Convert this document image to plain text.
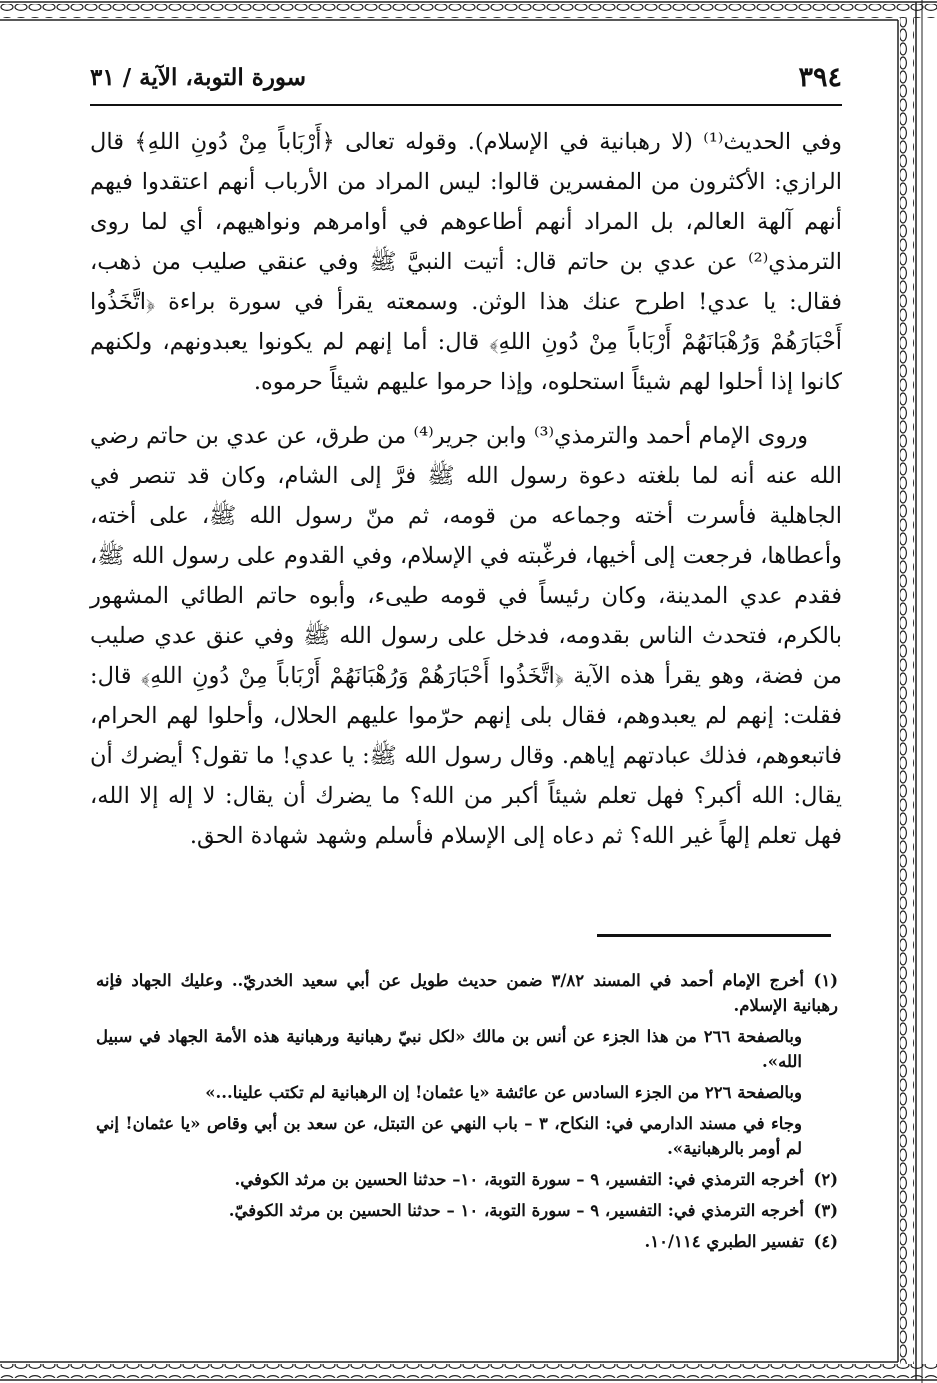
٣٩٤
سورة التوبة، الآية / ٣١

وفي الحديث⁽¹⁾ (لا رهبانية في الإسلام). وقوله تعالى ﴿أَرْبَاباً مِنْ دُونِ اللهِ﴾ قال الرازي: الأكثرون من المفسرين قالوا: ليس المراد من الأرباب أنهم اعتقدوا فيهم أنهم آلهة العالم، بل المراد أنهم أطاعوهم في أوامرهم ونواهيهم، أي لما روى الترمذي⁽²⁾ عن عدي بن حاتم قال: أتيت النبيَّ ﷺ وفي عنقي صليب من ذهب، فقال: يا عدي! اطرح عنك هذا الوثن. وسمعته يقرأ في سورة براءة ﴿اتَّخَذُوا أَحْبَارَهُمْ وَرُهْبَانَهُمْ أَرْبَاباً مِنْ دُونِ اللهِ﴾ قال: أما إنهم لم يكونوا يعبدونهم، ولكنهم كانوا إذا أحلوا لهم شيئاً استحلوه، وإذا حرموا عليهم شيئاً حرموه.

وروى الإمام أحمد والترمذي⁽³⁾ وابن جرير⁽⁴⁾ من طرق، عن عدي بن حاتم رضي الله عنه أنه لما بلغته دعوة رسول الله ﷺ فرَّ إلى الشام، وكان قد تنصر في الجاهلية فأسرت أخته وجماعه من قومه، ثم منّ رسول الله ﷺ، على أخته، وأعطاها، فرجعت إلى أخيها، فرغّبته في الإسلام، وفي القدوم على رسول الله ﷺ، فقدم عدي المدينة، وكان رئيساً في قومه طيىء، وأبوه حاتم الطائي المشهور بالكرم، فتحدث الناس بقدومه، فدخل على رسول الله ﷺ وفي عنق عدي صليب من فضة، وهو يقرأ هذه الآية ﴿اتَّخَذُوا أَحْبَارَهُمْ وَرُهْبَانَهُمْ أَرْبَاباً مِنْ دُونِ اللهِ﴾ قال: فقلت: إنهم لم يعبدوهم، فقال بلى إنهم حرّموا عليهم الحلال، وأحلوا لهم الحرام، فاتبعوهم، فذلك عبادتهم إياهم. وقال رسول الله ﷺ: يا عدي! ما تقول؟ أيضرك أن يقال: الله أكبر؟ فهل تعلم شيئاً أكبر من الله؟ ما يضرك أن يقال: لا إله إلا الله، فهل تعلم إلهاً غير الله؟ ثم دعاه إلى الإسلام فأسلم وشهد شهادة الحق.

(١)أخرج الإمام أحمد في المسند ٣/٨٢ ضمن حديث طويل عن أبي سعيد الخدريّ.. وعليك الجهاد فإنه رهبانية الإسلام.
وبالصفحة ٢٦٦ من هذا الجزء عن أنس بن مالك «لكل نبيّ رهبانية ورهبانية هذه الأمة الجهاد في سبيل الله».
وبالصفحة ٢٢٦ من الجزء السادس عن عائشة «يا عثمان! إن الرهبانية لم تكتب علينا...»
وجاء في مسند الدارمي في: النكاح، ٣ – باب النهي عن التبتل، عن سعد بن أبي وقاص «يا عثمان! إني لم أومر بالرهبانية».
(٢)أخرجه الترمذي في: التفسير، ٩ – سورة التوبة، ١٠– حدثنا الحسين بن مرثد الكوفي.
(٣)أخرجه الترمذي في: التفسير، ٩ – سورة التوبة، ١٠ – حدثنا الحسين بن مرثد الكوفيّ.
(٤)تفسير الطبري ١٠/١١٤.
